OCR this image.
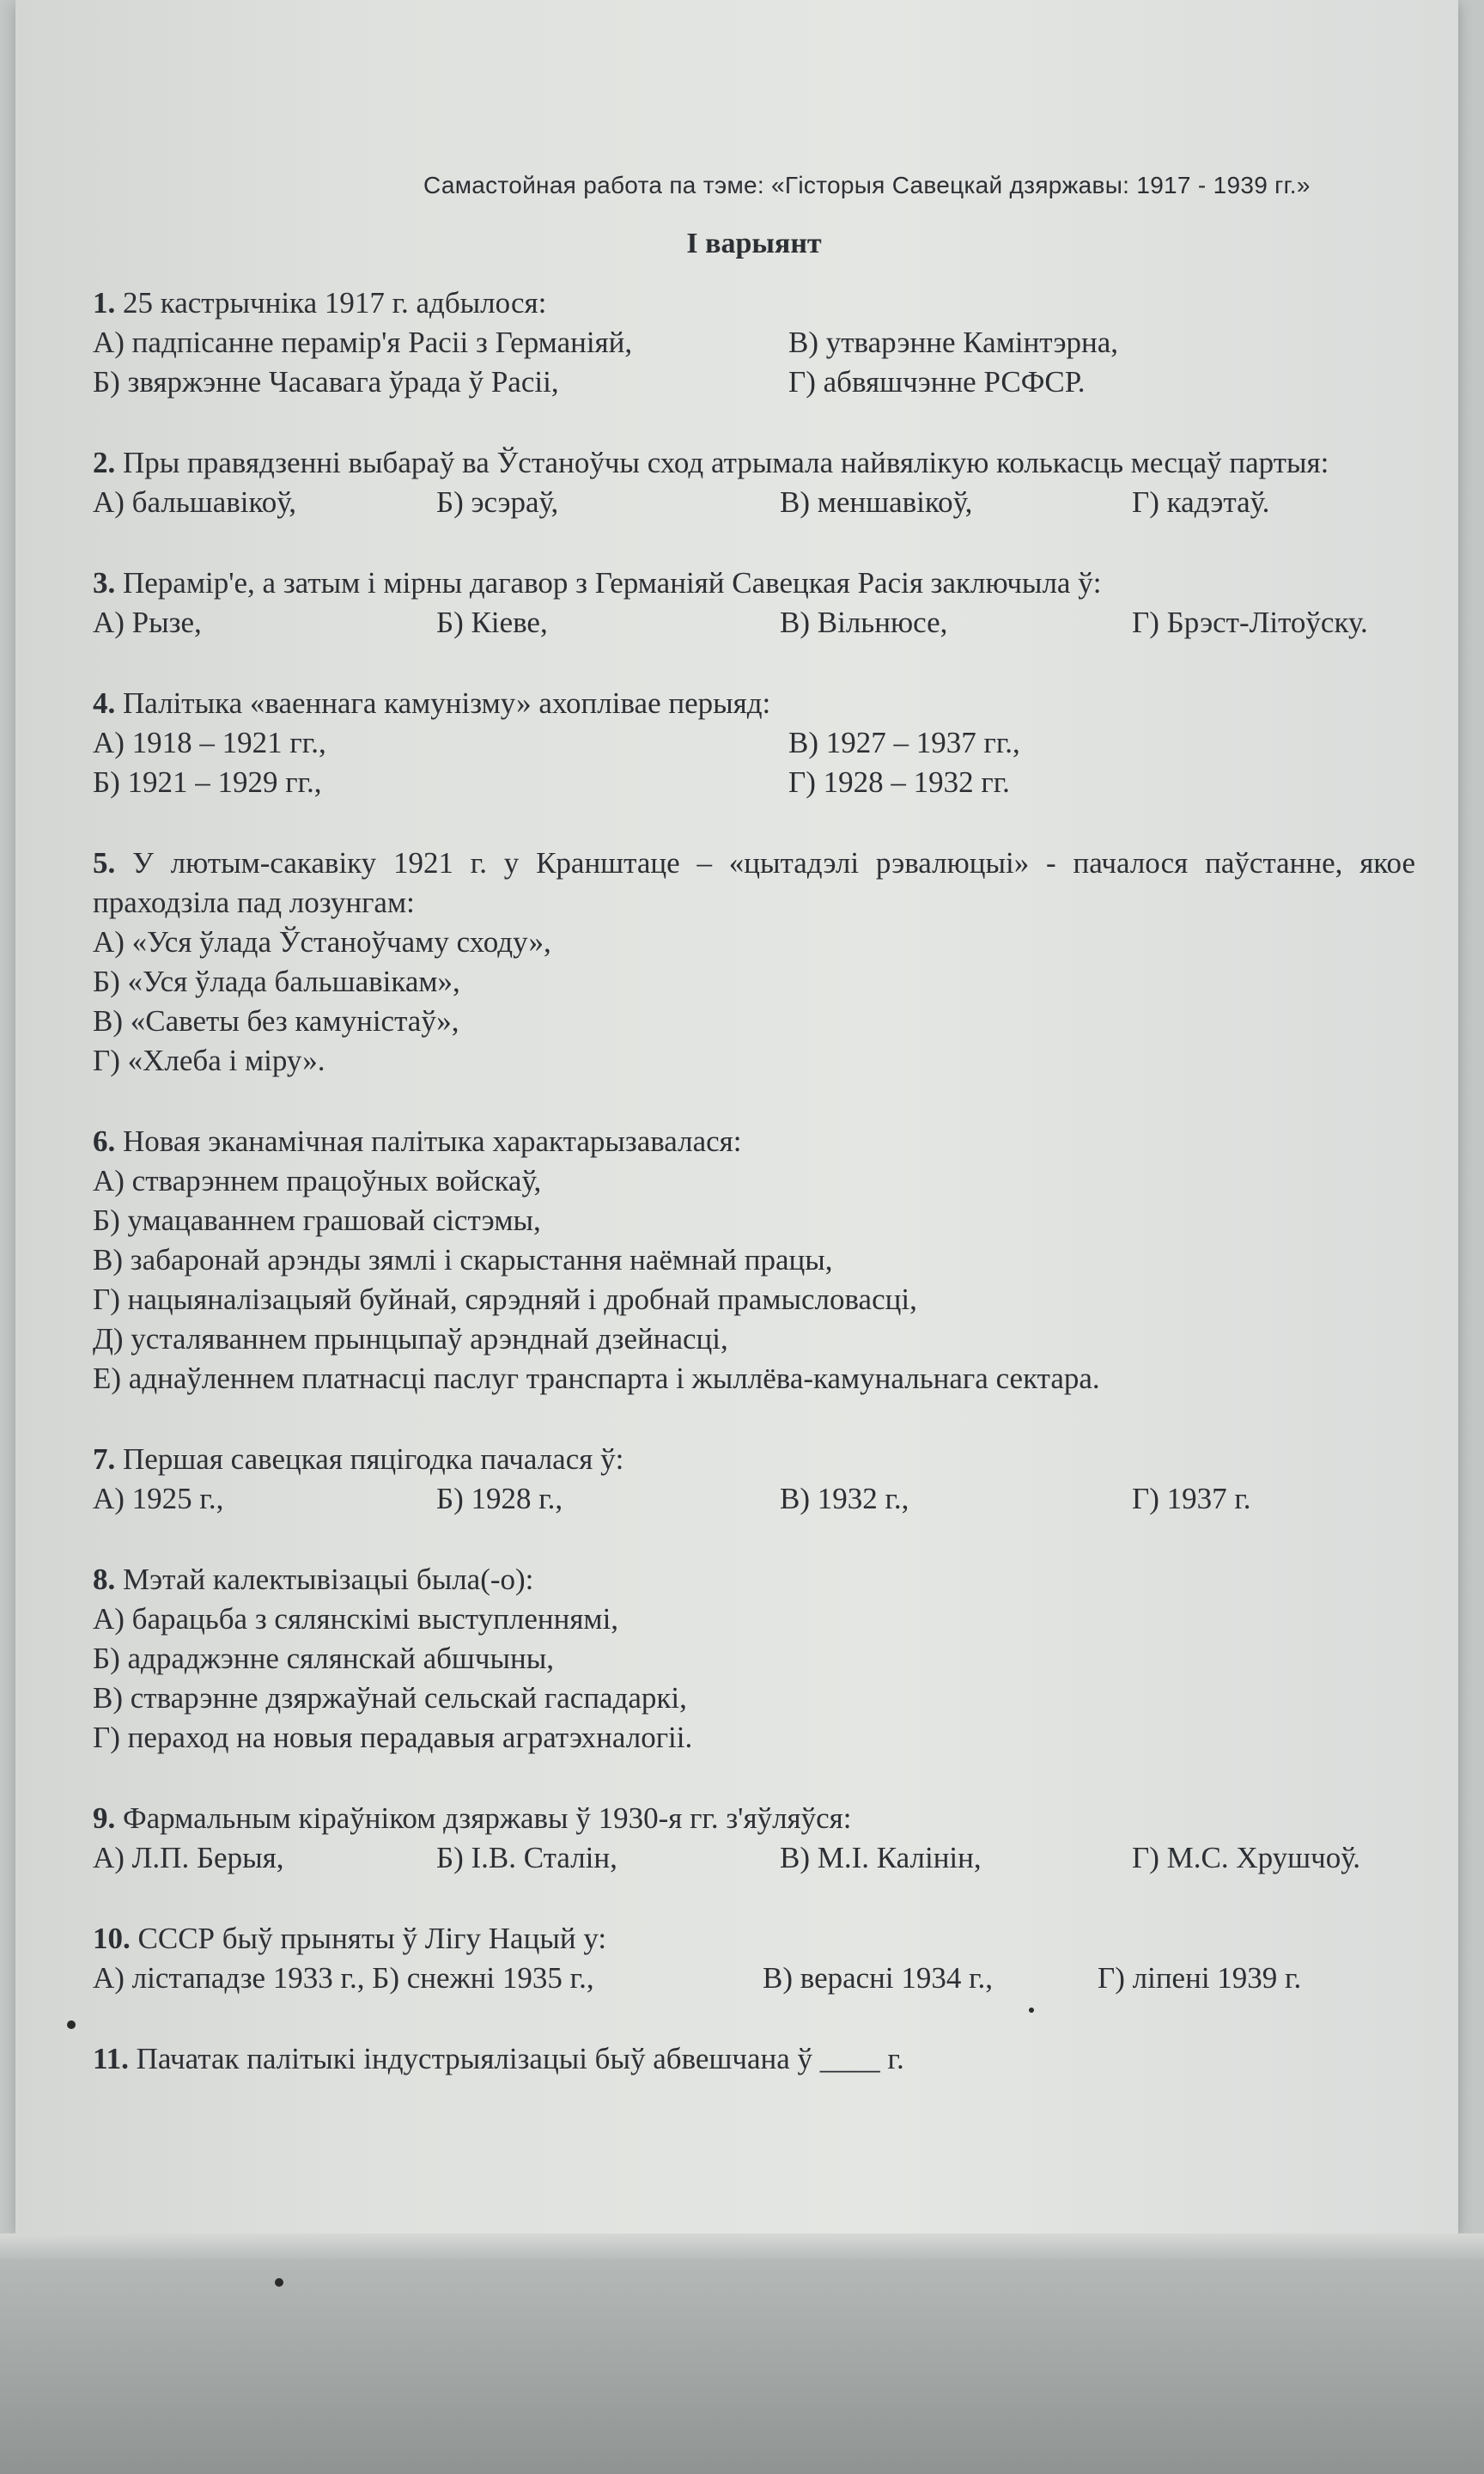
Самастойная работа па тэме: «Гісторыя Савецкай дзяржавы: 1917 - 1939 гг.»
I варыянт
1. 25 кастрычніка 1917 г. адбылося:
А) падпісанне перамір'я Расіі з Германіяй,	В) утварэнне Камінтэрна,
Б) звяржэнне Часавага ўрада ў Расіі,	Г) абвяшчэнне РСФСР.
2. Пры правядзенні выбараў ва Ўстаноўчы сход атрымала найвялікую колькасць месцаў партыя:
А) бальшавікоў,	Б) эсэраў,	В) меншавікоў,	Г) кадэтаў.
3. Перамір'е, а затым і мірны дагавор з Германіяй Савецкая Расія заключыла ў:
А) Рызе,	Б) Кіеве,	В) Вільнюсе,	Г) Брэст-Літоўску.
4. Палітыка «ваеннага камунізму» ахоплівае перыяд:
А) 1918 – 1921 гг.,	В) 1927 – 1937 гг.,
Б) 1921 – 1929 гг.,	Г) 1928 – 1932 гг.
5. У лютым-сакавіку 1921 г. у Кранштаце – «цытадэлі рэвалюцыі» - пачалося паўстанне, якое праходзіла пад лозунгам:
А) «Уся ўлада Ўстаноўчаму сходу»,
Б) «Уся ўлада бальшавікам»,
В) «Саветы без камуністаў»,
Г) «Хлеба і міру».
6. Новая эканамічная палітыка характарызавалася:
А) стварэннем працоўных войскаў,
Б) умацаваннем грашовай сістэмы,
В) забаронай арэнды зямлі і скарыстання наёмнай працы,
Г) нацыяналізацыяй буйнай, сярэдняй і дробнай прамысловасці,
Д) усталяваннем прынцыпаў арэнднай дзейнасці,
Е) аднаўленнем платнасці паслуг транспарта і жыллёва-камунальнага сектара.
7. Першая савецкая пяцігодка пачалася ў:
А) 1925 г.,	Б) 1928 г.,	В) 1932 г.,	Г) 1937 г.
8. Мэтай калектывізацыі была(-о):
А) барацьба з сялянскімі выступленнямі,
Б) адраджэнне сялянскай абшчыны,
В) стварэнне дзяржаўнай сельскай гаспадаркі,
Г) пераход на новыя перадавыя агратэхналогіі.
9. Фармальным кіраўніком дзяржавы ў 1930-я гг. з'яўляўся:
А) Л.П. Берыя,	Б) І.В. Сталін,	В) М.І. Калінін,	Г) М.С. Хрушчоў.
10. СССР быў прыняты ў Лігу Нацый у:
А) лістападзе 1933 г., Б) снежні 1935 г.,	В) верасні 1934 г.,	Г) ліпені 1939 г.
11. Пачатак палітыкі індустрыялізацыі быў абвешчана ў ____ г.
